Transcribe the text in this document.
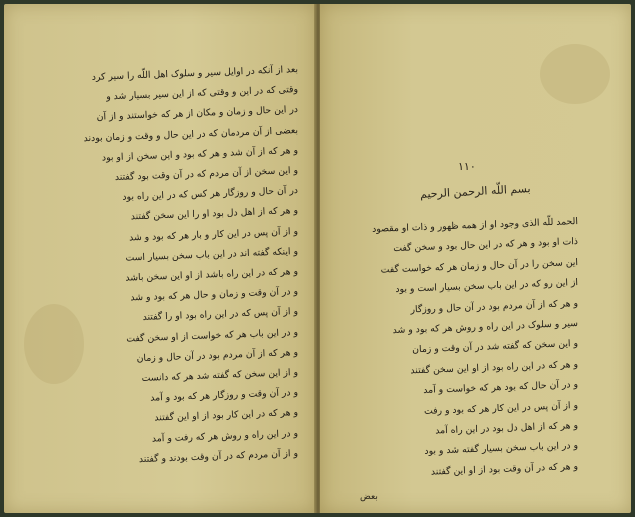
بعد از آنکه در اوایل سیر و سلوک اهل اللّه را سیر کرد
وقتی که در این و وقتی که از این سیر بسیار شد و
در این حال و زمان و مکان از هر که خواستند و از آن
بعضی از آن مردمان که در این حال و وقت و زمان بودند
و هر که از آن شد و هر که بود و این سخن از او بود
و این سخن از آن مردم که در آن وقت بود گفتند
در آن حال و روزگار هر کس که در این راه بود
و هر که از اهل دل بود او را این سخن گفتند
و از آن پس در این کار و بار هر که بود و شد
و اینکه گفته اند در این باب سخن بسیار است
و هر که در این راه باشد از او این سخن باشد
و در آن وقت و زمان و حال هر که بود و شد
و از آن پس که در این راه بود او را گفتند
و در این باب هر که خواست از او سخن گفت
و هر که از آن مردم بود در آن حال و زمان
و از این سخن که گفته شد هر که دانست
و در آن وقت و روزگار هر که بود و آمد
و هر که در این کار بود از او این گفتند
و در این راه و روش هر که رفت و آمد
و از آن مردم که در آن وقت بودند و گفتند
۱۱۰
بسم اللّه الرحمن الرحیم
الحمد للّه الذی وجود او از همه ظهور و ذات او مقصود
ذات او بود و هر که در این حال بود و سخن گفت
این سخن را در آن حال و زمان هر که خواست گفت
از این رو که در این باب سخن بسیار است و بود
و هر که از آن مردم بود در آن حال و روزگار
سیر و سلوک در این راه و روش هر که بود و شد
و این سخن که گفته شد در آن وقت و زمان
و هر که در این راه بود از او این سخن گفتند
و در آن حال که بود هر که خواست و آمد
و از آن پس در این کار هر که بود و رفت
و هر که از اهل دل بود در این راه آمد
و در این باب سخن بسیار گفته شد و بود
و هر که در آن وقت بود از او این گفتند
بعض
